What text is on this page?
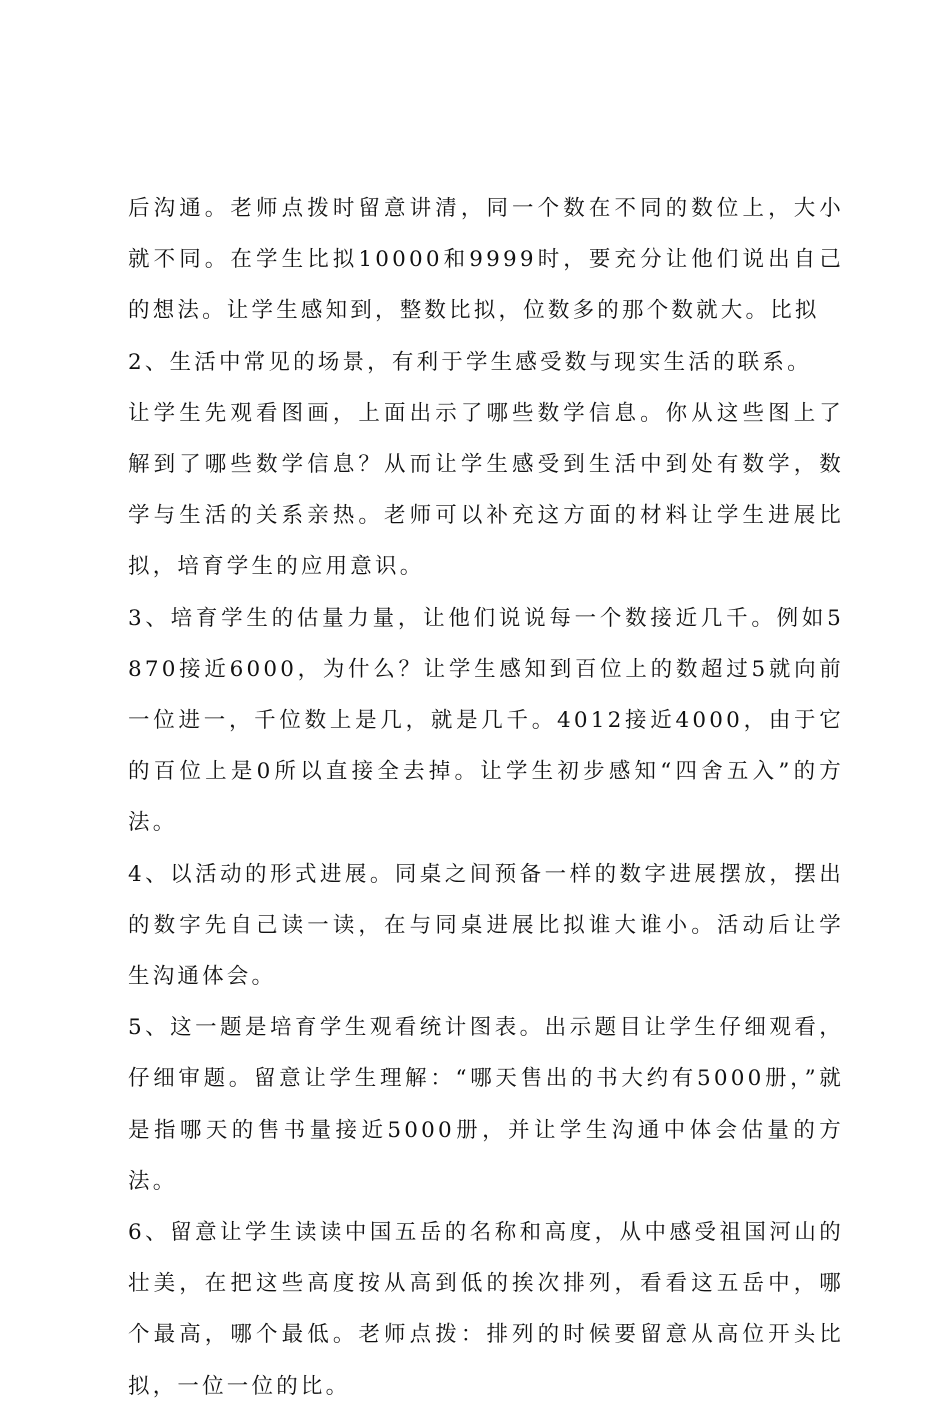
后沟通。老师点拨时留意讲清，同一个数在不同的数位上，大小就不同。在学生比拟10000和9999时，要充分让他们说出自己的想法。让学生感知到，整数比拟，位数多的那个数就大。比拟

2、生活中常见的场景，有利于学生感受数与现实生活的联系。

让学生先观看图画，上面出示了哪些数学信息。你从这些图上了解到了哪些数学信息？从而让学生感受到生活中到处有数学，数学与生活的关系亲热。老师可以补充这方面的材料让学生进展比拟，培育学生的应用意识。

3、培育学生的估量力量，让他们说说每一个数接近几千。例如5870接近6000，为什么？让学生感知到百位上的数超过5就向前一位进一，千位数上是几，就是几千。4012接近4000，由于它的百位上是0所以直接全去掉。让学生初步感知“四舍五入”的方法。

4、以活动的形式进展。同桌之间预备一样的数字进展摆放，摆出的数字先自己读一读，在与同桌进展比拟谁大谁小。活动后让学生沟通体会。

5、这一题是培育学生观看统计图表。出示题目让学生仔细观看，仔细审题。留意让学生理解：“哪天售出的书大约有5000册，”就是指哪天的售书量接近5000册，并让学生沟通中体会估量的方法。

6、留意让学生读读中国五岳的名称和高度，从中感受祖国河山的壮美，在把这些高度按从高到低的挨次排列，看看这五岳中，哪个最高，哪个最低。老师点拨：排列的时候要留意从高位开头比拟，一位一位的比。
